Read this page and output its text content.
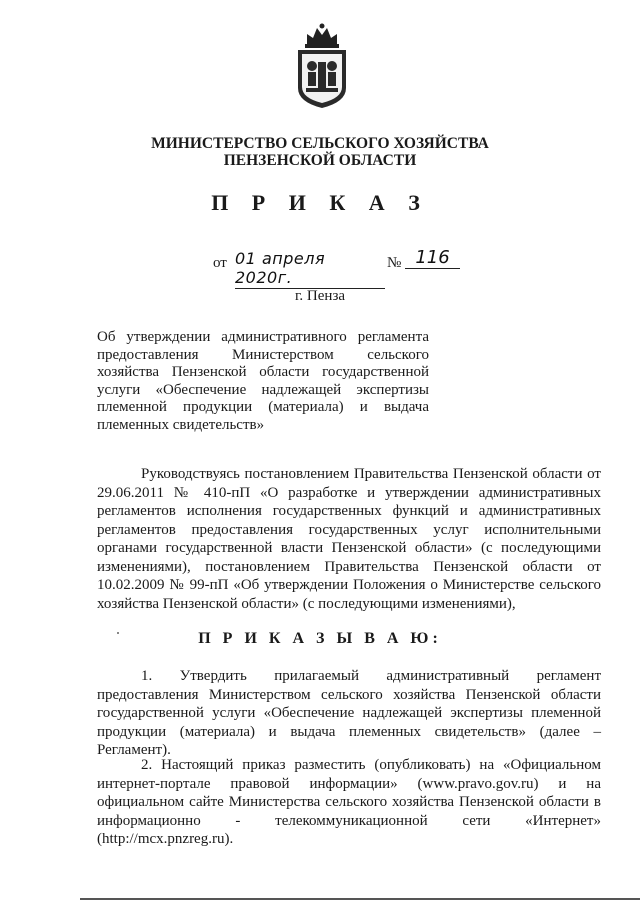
МИНИСТЕРСТВО СЕЛЬСКОГО ХОЗЯЙСТВА
ПЕНЗЕНСКОЙ ОБЛАСТИ
П Р И К А З
от 01 апреля 2020г.
№ 116
г. Пенза
Об утверждении административного регламента
предоставления Министерством сельского
хозяйства Пензенской области государственной
услуги «Обеспечение надлежащей экспертизы
племенной продукции (материала) и выдача
племенных свидетельств»
Руководствуясь постановлением Правительства Пензенской области от 29.06.2011 № 410-пП «О разработке и утверждении административных регламентов исполнения государственных функций и административных регламентов предоставления государственных услуг исполнительными органами государственной власти Пензенской области» (с последующими изменениями), постановлением Правительства Пензенской области от 10.02.2009 № 99-пП «Об утверждении Положения о Министерстве сельского хозяйства Пензенской области» (с последующими изменениями),
П Р И К А З Ы В А Ю:
1. Утвердить прилагаемый административный регламент предоставления Министерством сельского хозяйства Пензенской области государственной услуги «Обеспечение надлежащей экспертизы племенной продукции (материала) и выдача племенных свидетельств» (далее – Регламент).
2. Настоящий приказ разместить (опубликовать) на «Официальном интернет-портале правовой информации» (www.pravo.gov.ru) и на официальном сайте Министерства сельского хозяйства Пензенской области в информационно - телекоммуникационной сети «Интернет» (http://mcx.pnzreg.ru).
